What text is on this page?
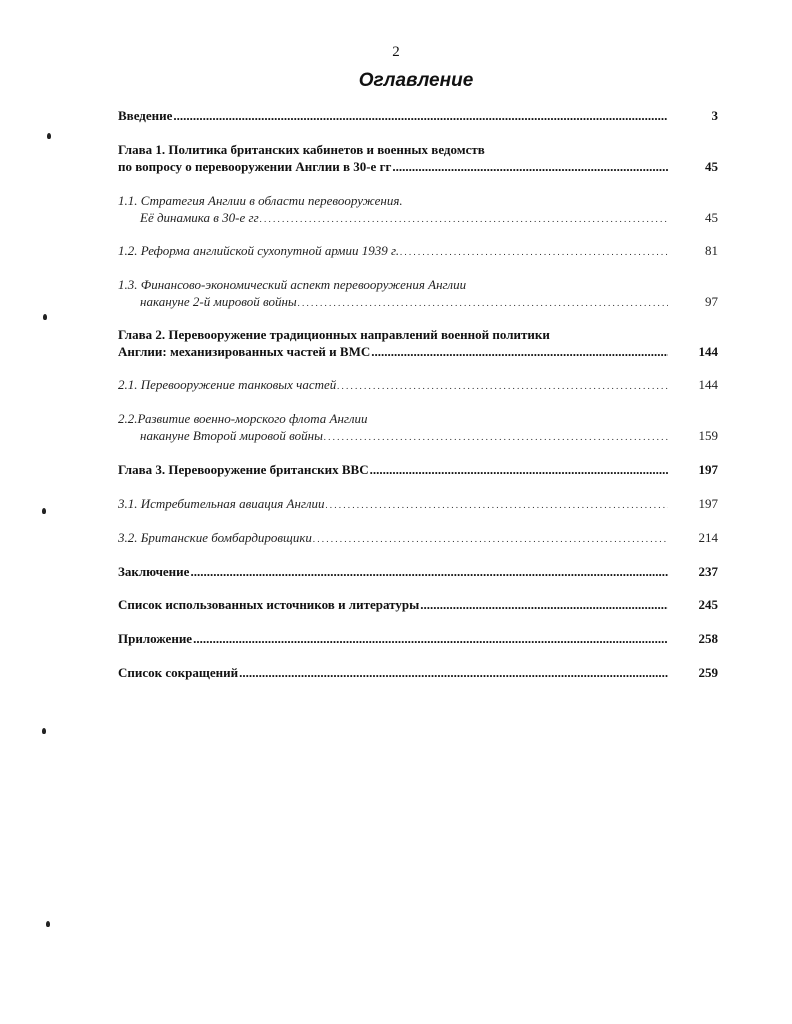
2
Оглавление
Введение .....	3
Глава 1. Политика британских кабинетов и военных ведомств
по вопросу о перевооружении Англии в 30-е гг .....	45
1.1. Стратегия Англии в области перевооружения.
Её динамика в 30-е гг . . .	45
1.2. Реформа английской сухопутной армии 1939 г. . . .	81
1.3. Финансово-экономический аспект перевооружения Англии
накануне 2-й мировой войны . . .	97
Глава 2. Перевооружение традиционных направлений военной политики
Англии: механизированных частей и ВМС .....	144
2.1. Перевооружение танковых частей . . .	144
2.2.Развитие военно-морского флота Англии
накануне Второй мировой войны . . .	159
Глава 3. Перевооружение британских ВВС .....	197
3.1. Истребительная авиация Англии . . .	197
3.2. Британские бомбардировщики . . .	214
Заключение .....	237
Список использованных источников и литературы .....	245
Приложение .....	258
Список сокращений .....	259
